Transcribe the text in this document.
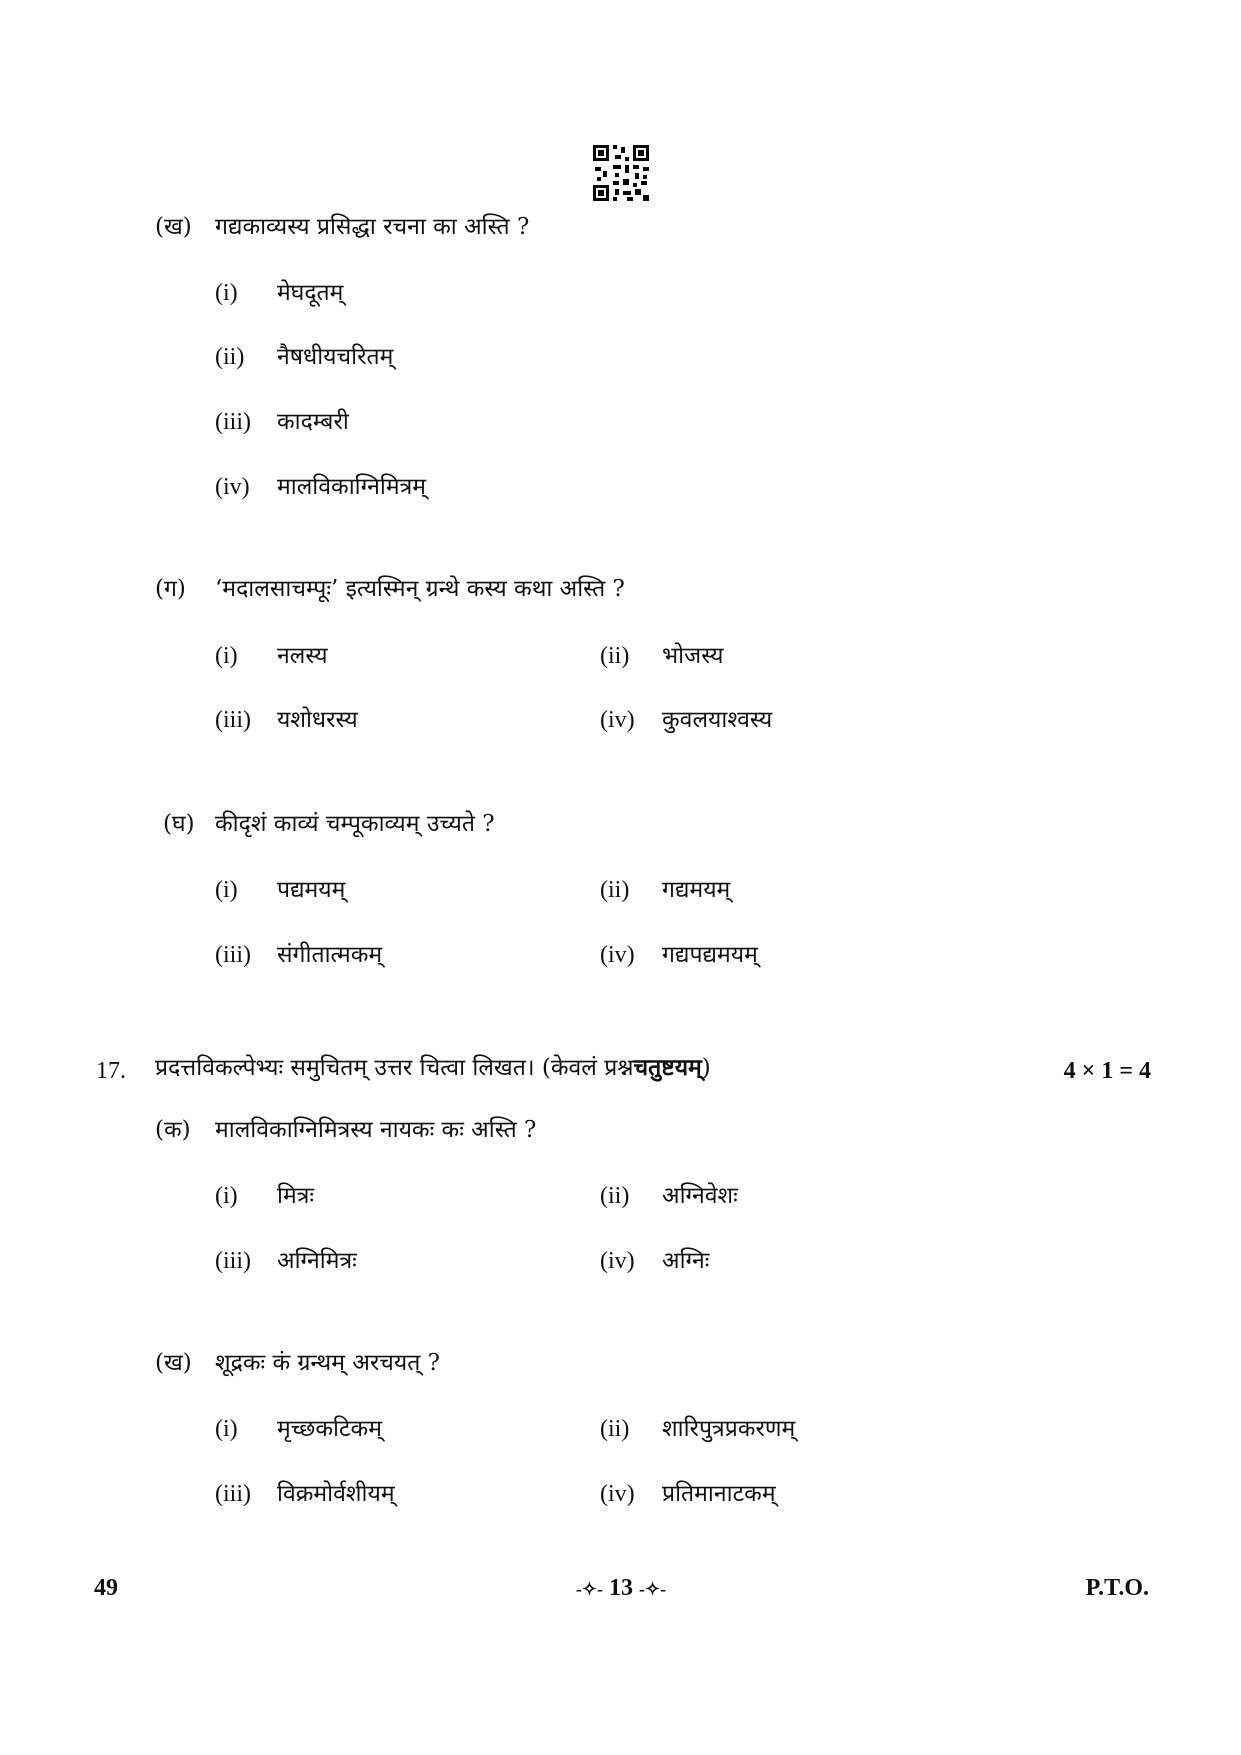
(ख) गद्यकाव्यस्य प्रसिद्धा रचना का अस्ति ?
(i) मेघदूतम्
(ii) नैषधीयचरितम्
(iii) कादम्बरी
(iv) मालविकाग्निमित्रम्
(ग) ‘मदालसाचम्पूः’ इत्यस्मिन् ग्रन्थे कस्य कथा अस्ति ?
(i) नलस्य	(ii) भोजस्य
(iii) यशोधरस्य	(iv) कुवलयाश्वस्य
(घ) कीदृशं काव्यं चम्पूकाव्यम् उच्यते ?
(i) पद्यमयम्	(ii) गद्यमयम्
(iii) संगीतात्मकम्	(iv) गद्यपद्यमयम्
17. प्रदत्तविकल्पेभ्यः समुचितम् उत्तर चित्वा लिखत। (केवलं प्रश्नचतुष्टयम्)	4 × 1 = 4
(क) मालविकाग्निमित्रस्य नायकः कः अस्ति ?
(i) मित्रः	(ii) अग्निवेशः
(iii) अग्निमित्रः	(iv) अग्निः
(ख) शूद्रकः कं ग्रन्थम् अरचयत् ?
(i) मृच्छकटिकम्	(ii) शारिपुत्रप्रकरणम्
(iii) विक्रमोर्वशीयम्	(iv) प्रतिमानाटकम्
49	-✧- 13 -✧-	P.T.O.
